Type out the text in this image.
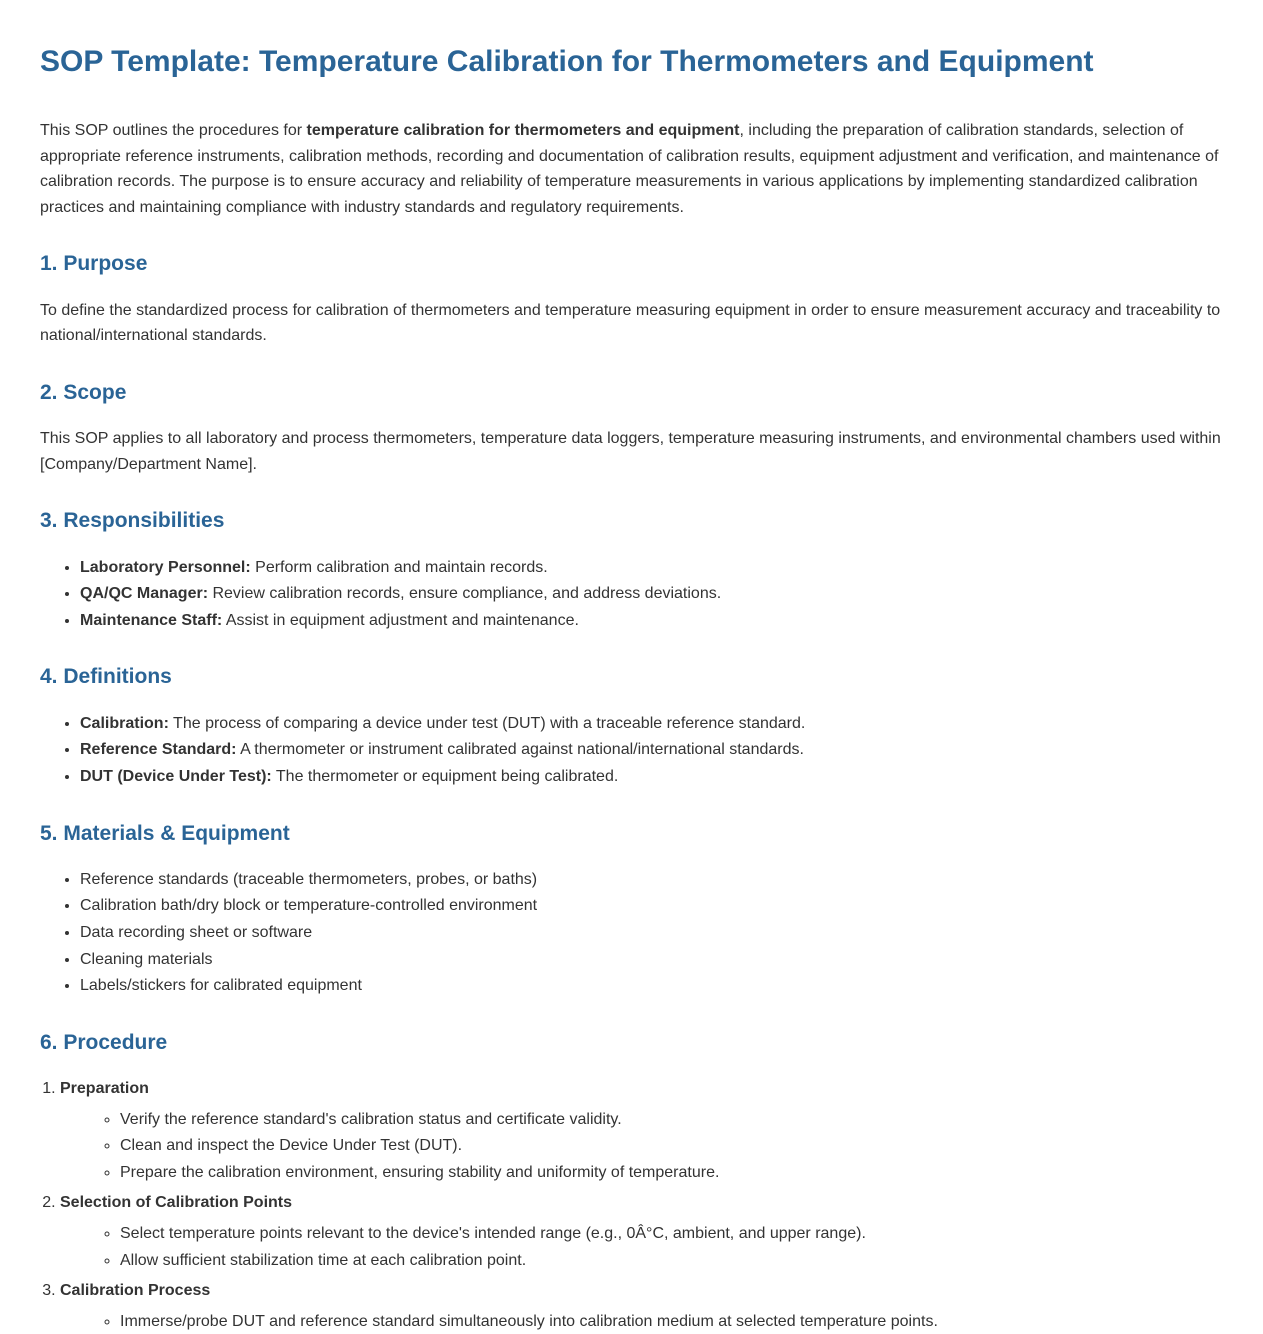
SOP Template: Temperature Calibration for Thermometers and Equipment

This SOP outlines the procedures for temperature calibration for thermometers and equipment, including the preparation of calibration standards, selection of appropriate reference instruments, calibration methods, recording and documentation of calibration results, equipment adjustment and verification, and maintenance of calibration records. The purpose is to ensure accuracy and reliability of temperature measurements in various applications by implementing standardized calibration practices and maintaining compliance with industry standards and regulatory requirements.

1. Purpose

To define the standardized process for calibration of thermometers and temperature measuring equipment in order to ensure measurement accuracy and traceability to national/international standards.

2. Scope

This SOP applies to all laboratory and process thermometers, temperature data loggers, temperature measuring instruments, and environmental chambers used within [Company/Department Name].

3. Responsibilities
• Laboratory Personnel: Perform calibration and maintain records.
• QA/QC Manager: Review calibration records, ensure compliance, and address deviations.
• Maintenance Staff: Assist in equipment adjustment and maintenance.
4. Definitions
• Calibration: The process of comparing a device under test (DUT) with a traceable reference standard.
• Reference Standard: A thermometer or instrument calibrated against national/international standards.
• DUT (Device Under Test): The thermometer or equipment being calibrated.
5. Materials & Equipment
• Reference standards (traceable thermometers, probes, or baths)
• Calibration bath/dry block or temperature-controlled environment
• Data recording sheet or software
• Cleaning materials
• Labels/stickers for calibrated equipment
6. Procedure
1. Preparation
◦ Verify the reference standard's calibration status and certificate validity.
◦ Clean and inspect the Device Under Test (DUT).
◦ Prepare the calibration environment, ensuring stability and uniformity of temperature.
2. Selection of Calibration Points
◦ Select temperature points relevant to the device's intended range (e.g., 0Â°C, ambient, and upper range).
◦ Allow sufficient stabilization time at each calibration point.
3. Calibration Process
◦ Immerse/probe DUT and reference standard simultaneously into calibration medium at selected temperature points.
